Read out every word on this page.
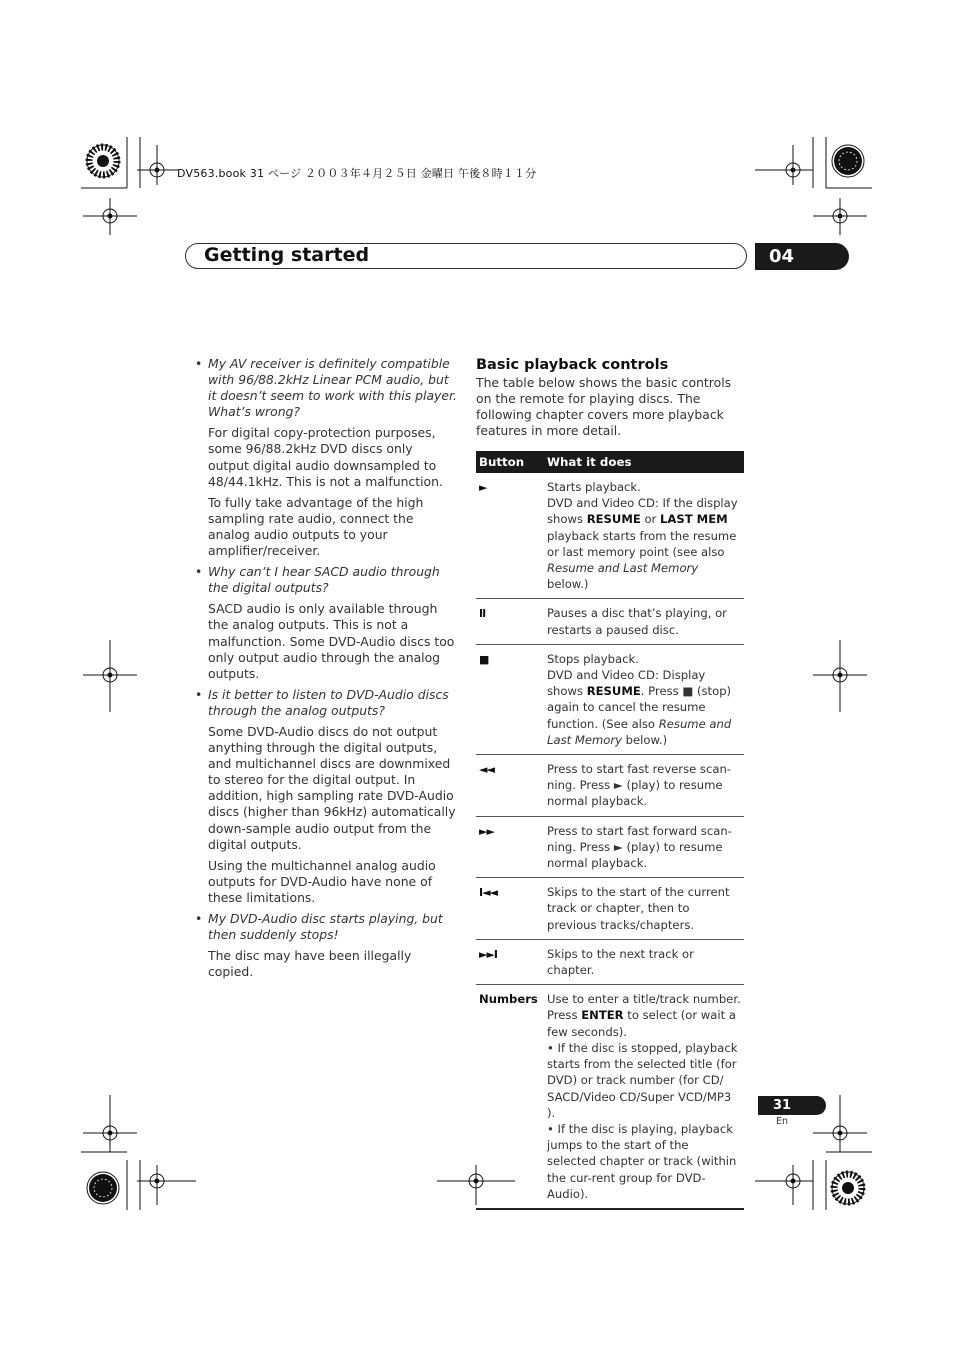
DV563.book 31 ページ ２００３年４月２５日 金曜日 午後８時１１分
Getting started	04
• My AV receiver is definitely compatible with 96/88.2kHz Linear PCM audio, but it doesn’t seem to work with this player. What’s wrong?
For digital copy-protection purposes, some 96/88.2kHz DVD discs only output digital audio downsampled to 48/44.1kHz. This is not a malfunction.
To fully take advantage of the high sampling rate audio, connect the analog audio outputs to your amplifier/receiver.
• Why can’t I hear SACD audio through the digital outputs?
SACD audio is only available through the analog outputs. This is not a malfunction. Some DVD-Audio discs too only output audio through the analog outputs.
• Is it better to listen to DVD-Audio discs through the analog outputs?
Some DVD-Audio discs do not output anything through the digital outputs, and multichannel discs are downmixed to stereo for the digital output. In addition, high sampling rate DVD-Audio discs (higher than 96kHz) automatically down-sample audio output from the digital outputs.
Using the multichannel analog audio outputs for DVD-Audio have none of these limitations.
• My DVD-Audio disc starts playing, but then suddenly stops!
The disc may have been illegally copied.
Basic playback controls
The table below shows the basic controls on the remote for playing discs. The following chapter covers more playback features in more detail.
Button	What it does
►	Starts playback.
DVD and Video CD: If the display shows RESUME or LAST MEM playback starts from the resume or last memory point (see also Resume and Last Memory below.)
II	Pauses a disc that’s playing, or restarts a paused disc.
■	Stops playback.
DVD and Video CD: Display shows RESUME. Press ■ (stop) again to cancel the resume function. (See also Resume and Last Memory below.)
◄◄	Press to start fast reverse scan-ning. Press ► (play) to resume normal playback.
►►	Press to start fast forward scan-ning. Press ► (play) to resume normal playback.
I◄◄	Skips to the start of the current track or chapter, then to previous tracks/chapters.
►►I	Skips to the next track or chapter.
Numbers	Use to enter a title/track number. Press ENTER to select (or wait a few seconds).
• If the disc is stopped, playback starts from the selected title (for DVD) or track number (for CD/ SACD/Video CD/Super VCD/MP3 ).
• If the disc is playing, playback jumps to the start of the selected chapter or track (within the cur-rent group for DVD-Audio).
31
En
